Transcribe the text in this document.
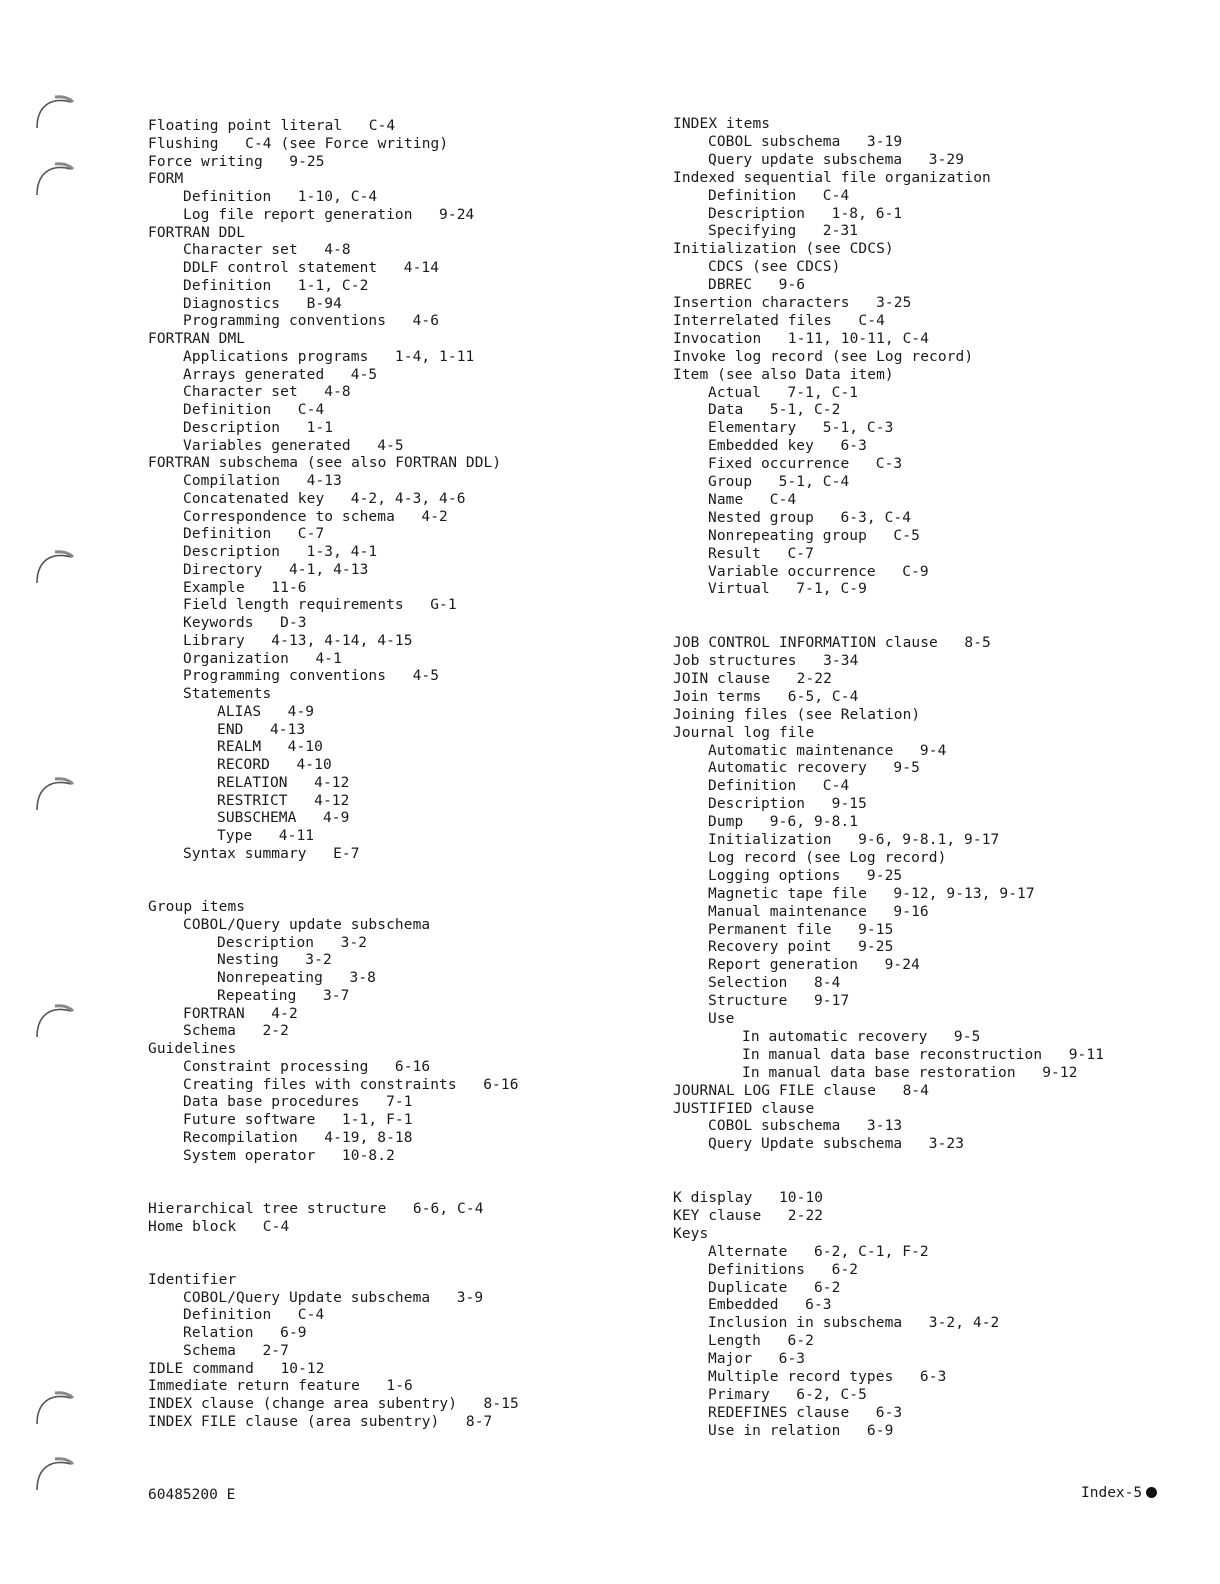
Floating point literal   C-4
Flushing   C-4 (see Force writing)
Force writing   9-25
FORM
Definition   1-10, C-4
Log file report generation   9-24
FORTRAN DDL
Character set   4-8
DDLF control statement   4-14
Definition   1-1, C-2
Diagnostics   B-94
Programming conventions   4-6
FORTRAN DML
Applications programs   1-4, 1-11
Arrays generated   4-5
Character set   4-8
Definition   C-4
Description   1-1
Variables generated   4-5
FORTRAN subschema (see also FORTRAN DDL)
Compilation   4-13
Concatenated key   4-2, 4-3, 4-6
Correspondence to schema   4-2
Definition   C-7
Description   1-3, 4-1
Directory   4-1, 4-13
Example   11-6
Field length requirements   G-1
Keywords   D-3
Library   4-13, 4-14, 4-15
Organization   4-1
Programming conventions   4-5
Statements
ALIAS   4-9
END   4-13
REALM   4-10
RECORD   4-10
RELATION   4-12
RESTRICT   4-12
SUBSCHEMA   4-9
Type   4-11
Syntax summary   E-7
Group items
COBOL/Query update subschema
Description   3-2
Nesting   3-2
Nonrepeating   3-8
Repeating   3-7
FORTRAN   4-2
Schema   2-2
Guidelines
Constraint processing   6-16
Creating files with constraints   6-16
Data base procedures   7-1
Future software   1-1, F-1
Recompilation   4-19, 8-18
System operator   10-8.2
Hierarchical tree structure   6-6, C-4
Home block   C-4
Identifier
COBOL/Query Update subschema   3-9
Definition   C-4
Relation   6-9
Schema   2-7
IDLE command   10-12
Immediate return feature   1-6
INDEX clause (change area subentry)   8-15
INDEX FILE clause (area subentry)   8-7
INDEX items
COBOL subschema   3-19
Query update subschema   3-29
Indexed sequential file organization
Definition   C-4
Description   1-8, 6-1
Specifying   2-31
Initialization (see CDCS)
CDCS (see CDCS)
DBREC   9-6
Insertion characters   3-25
Interrelated files   C-4
Invocation   1-11, 10-11, C-4
Invoke log record (see Log record)
Item (see also Data item)
Actual   7-1, C-1
Data   5-1, C-2
Elementary   5-1, C-3
Embedded key   6-3
Fixed occurrence   C-3
Group   5-1, C-4
Name   C-4
Nested group   6-3, C-4
Nonrepeating group   C-5
Result   C-7
Variable occurrence   C-9
Virtual   7-1, C-9
JOB CONTROL INFORMATION clause   8-5
Job structures   3-34
JOIN clause   2-22
Join terms   6-5, C-4
Joining files (see Relation)
Journal log file
Automatic maintenance   9-4
Automatic recovery   9-5
Definition   C-4
Description   9-15
Dump   9-6, 9-8.1
Initialization   9-6, 9-8.1, 9-17
Log record (see Log record)
Logging options   9-25
Magnetic tape file   9-12, 9-13, 9-17
Manual maintenance   9-16
Permanent file   9-15
Recovery point   9-25
Report generation   9-24
Selection   8-4
Structure   9-17
Use
In automatic recovery   9-5
In manual data base reconstruction   9-11
In manual data base restoration   9-12
JOURNAL LOG FILE clause   8-4
JUSTIFIED clause
COBOL subschema   3-13
Query Update subschema   3-23
K display   10-10
KEY clause   2-22
Keys
Alternate   6-2, C-1, F-2
Definitions   6-2
Duplicate   6-2
Embedded   6-3
Inclusion in subschema   3-2, 4-2
Length   6-2
Major   6-3
Multiple record types   6-3
Primary   6-2, C-5
REDEFINES clause   6-3
Use in relation   6-9
60485200 E	Index-5
